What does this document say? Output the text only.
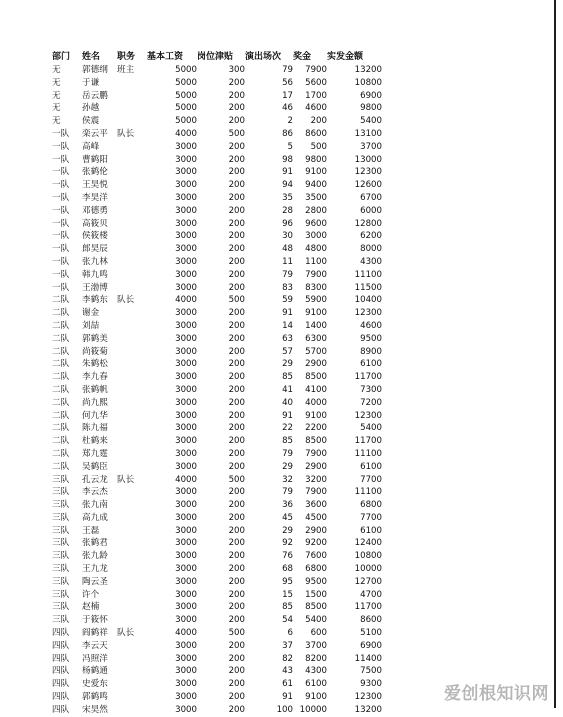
部门	姓名	职务	基本工资	岗位津贴	演出场次	奖金	实发金额
无	郭德纲	班主	5000	300	79	7900	13200
无	于谦		5000	200	56	5600	10800
无	岳云鹏		5000	200	17	1700	6900
无	孙越		5000	200	46	4600	9800
无	侯震		5000	200	2	200	5400
一队	栾云平	队长	4000	500	86	8600	13100
一队	高峰		3000	200	5	500	3700
一队	曹鹤阳		3000	200	98	9800	13000
一队	张鹤伦		3000	200	91	9100	12300
一队	王昊悦		3000	200	94	9400	12600
一队	李昊洋		3000	200	35	3500	6700
一队	邓德勇		3000	200	28	2800	6000
一队	高筱贝		3000	200	96	9600	12800
一队	侯筱楼		3000	200	30	3000	6200
一队	郎昊辰		3000	200	48	4800	8000
一队	张九林		3000	200	11	1100	4300
一队	韩九鸣		3000	200	79	7900	11100
一队	王渤博		3000	200	83	8300	11500
二队	李鹤东	队长	4000	500	59	5900	10400
二队	谢金		3000	200	91	9100	12300
二队	刘喆		3000	200	14	1400	4600
二队	郭鹤美		3000	200	63	6300	9500
二队	尚筱菊		3000	200	57	5700	8900
二队	朱鹤松		3000	200	29	2900	6100
二队	李九春		3000	200	85	8500	11700
二队	张鹤帆		3000	200	41	4100	7300
二队	尚九熙		3000	200	40	4000	7200
二队	何九华		3000	200	91	9100	12300
二队	陈九福		3000	200	22	2200	5400
二队	杜鹤来		3000	200	85	8500	11700
二队	郑九霆		3000	200	79	7900	11100
二队	吴鹤臣		3000	200	29	2900	6100
三队	孔云龙	队长	4000	500	32	3200	7700
三队	李云杰		3000	200	79	7900	11100
三队	张九南		3000	200	36	3600	6800
三队	高九成		3000	200	45	4500	7700
三队	王磊		3000	200	29	2900	6100
三队	张鹤君		3000	200	92	9200	12400
三队	张九龄		3000	200	76	7600	10800
三队	王九龙		3000	200	68	6800	10000
三队	陶云圣		3000	200	95	9500	12700
三队	许个		3000	200	15	1500	4700
三队	赵楠		3000	200	85	8500	11700
三队	于筱怀		3000	200	54	5400	8600
四队	阎鹤祥	队长	4000	500	6	600	5100
四队	李云天		3000	200	37	3700	6900
四队	冯照洋		3000	200	82	8200	11400
四队	杨鹤通		3000	200	43	4300	7500
四队	史爱东		3000	200	61	6100	9300
四队	郭鹤鸣		3000	200	91	9100	12300
四队	宋昊然		3000	200	100	10000	13200
爱创根知识网
